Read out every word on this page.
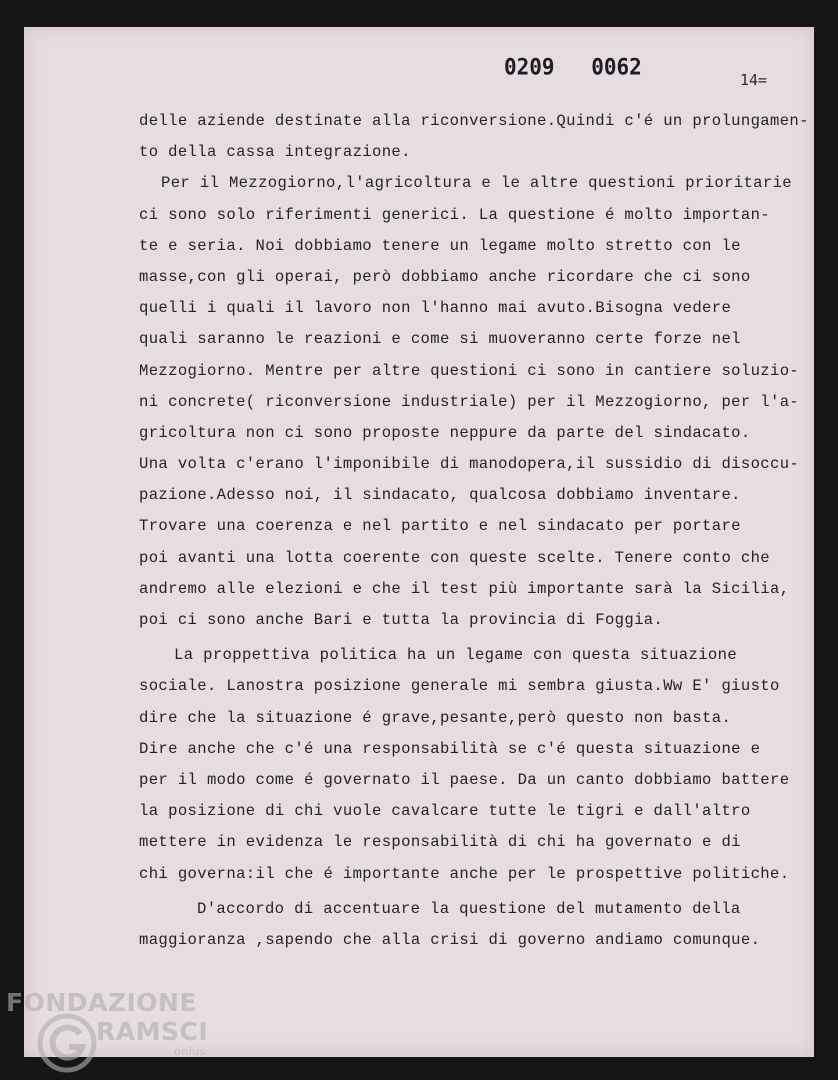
0209 0062
14=
delle aziende destinate alla riconversione.Quindi c'é un prolungamen-
to della cassa integrazione.
Per il Mezzogiorno,l'agricoltura e le altre questioni prioritarie
ci sono solo riferimenti generici. La questione é molto importan-
te e seria. Noi dobbiamo tenere un legame molto stretto con le
masse,con gli operai, però dobbiamo anche ricordare che ci sono
quelli i quali il lavoro non l'hanno mai avuto.Bisogna vedere
quali saranno le reazioni e come si muoveranno certe forze nel
Mezzogiorno. Mentre per altre questioni ci sono in cantiere soluzio-
ni concrete( riconversione industriale) per il Mezzogiorno, per l'a-
gricoltura non ci sono proposte neppure da parte del sindacato.
Una volta c'erano l'imponibile di manodopera,il sussidio di disoccu-
pazione.Adesso noi, il sindacato, qualcosa dobbiamo inventare.
Trovare una coerenza e nel partito e nel sindacato per portare
poi avanti una lotta coerente con queste scelte. Tenere conto che
andremo alle elezioni e che il test più importante sarà la Sicilia,
poi ci sono anche Bari e tutta la provincia di Foggia.
La proppettiva politica ha un legame con questa situazione
sociale. Lanostra posizione generale mi sembra giusta.Ww E' giusto
dire che la situazione é grave,pesante,però questo non basta.
Dire anche che c'é una responsabilità se c'é questa situazione e
per il modo come é governato il paese. Da un canto dobbiamo battere
la posizione di chi vuole cavalcare tutte le tigri e dall'altro
mettere in evidenza le responsabilità di chi ha governato e di
chi governa:il che é importante anche per le prospettive politiche.
D'accordo di accentuare la questione del mutamento della
maggioranza ,sapendo che alla crisi di governo andiamo comunque.
FONDAZIONE
RAMSCI
onlus
